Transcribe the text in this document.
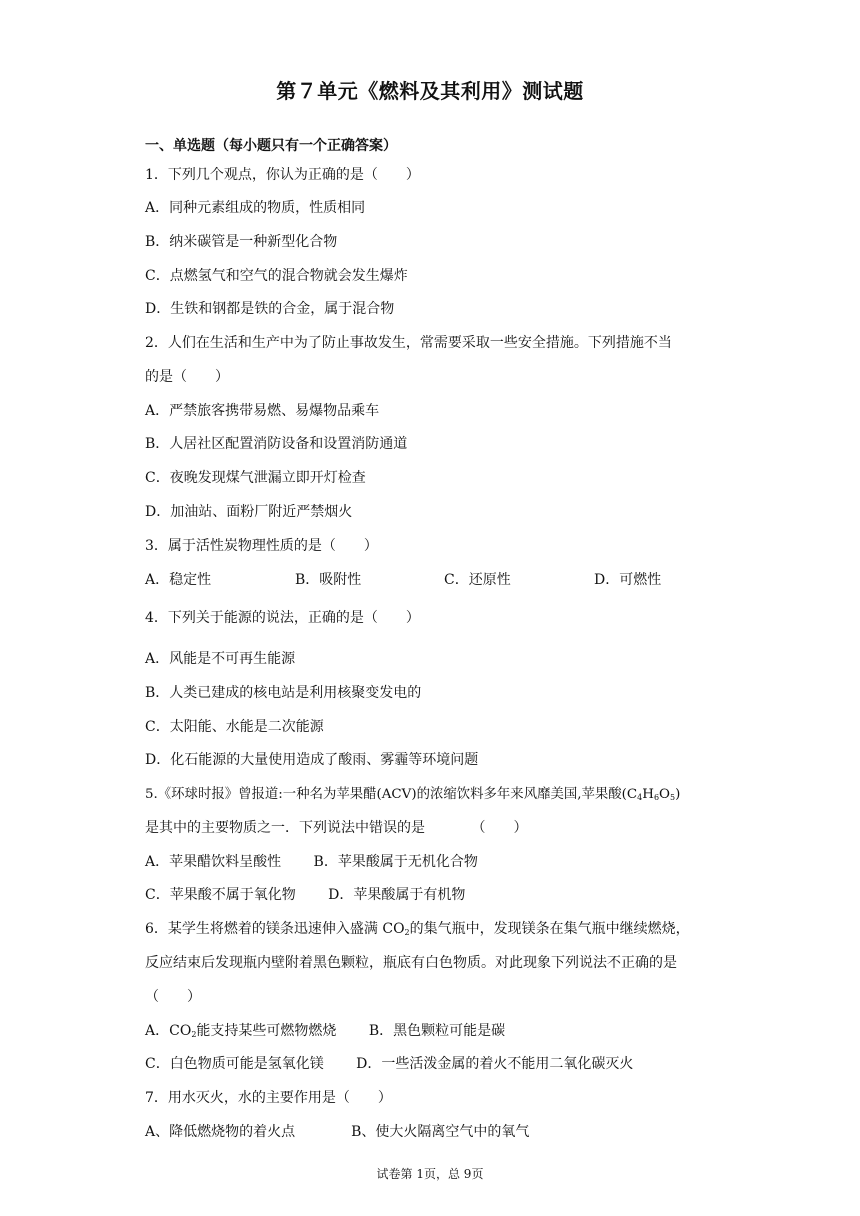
第７单元《燃料及其利用》测试题
一、单选题（每小题只有一个正确答案）
1．下列几个观点，你认为正确的是（　　）
A．同种元素组成的物质，性质相同
B．纳米碳管是一种新型化合物
C．点燃氢气和空气的混合物就会发生爆炸
D．生铁和钢都是铁的合金，属于混合物
2．人们在生活和生产中为了防止事故发生，常需要采取一些安全措施。下列措施不当
的是（　　）
A．严禁旅客携带易燃、易爆物品乘车
B．人居社区配置消防设备和设置消防通道
C．夜晚发现煤气泄漏立即开灯检查
D．加油站、面粉厂附近严禁烟火
3．属于活性炭物理性质的是（　　）
A．稳定性	B．吸附性	C．还原性	D．可燃性
4．下列关于能源的说法，正确的是（　　）
A．风能是不可再生能源
B．人类已建成的核电站是利用核聚变发电的
C．太阳能、水能是二次能源
D．化石能源的大量使用造成了酸雨、雾霾等环境问题
5.《环球时报》曾报道:一种名为苹果醋(ACV)的浓缩饮料多年来风靡美国,苹果酸$(C_4H_6O_5)$
是其中的主要物质之一．下列说法中错误的是　　　 （　　）
A．苹果醋饮料呈酸性　　 B．苹果酸属于无机化合物
C．苹果酸不属于氧化物　　 D．苹果酸属于有机物
6．某学生将燃着的镁条迅速伸入盛满 $CO_2$的集气瓶中，发现镁条在集气瓶中继续燃烧，
反应结束后发现瓶内壁附着黑色颗粒，瓶底有白色物质。对此现象下列说法不正确的是
（　　）
A．$CO_2$能支持某些可燃物燃烧　　 B．黑色颗粒可能是碳
C．白色物质可能是氢氧化镁　　 D．一些活泼金属的着火不能用二氧化碳灭火
7．用水灭火，水的主要作用是（　　）
A、降低燃烧物的着火点　　　　B、使大火隔离空气中的氧气
试卷第 1页，总 9页
